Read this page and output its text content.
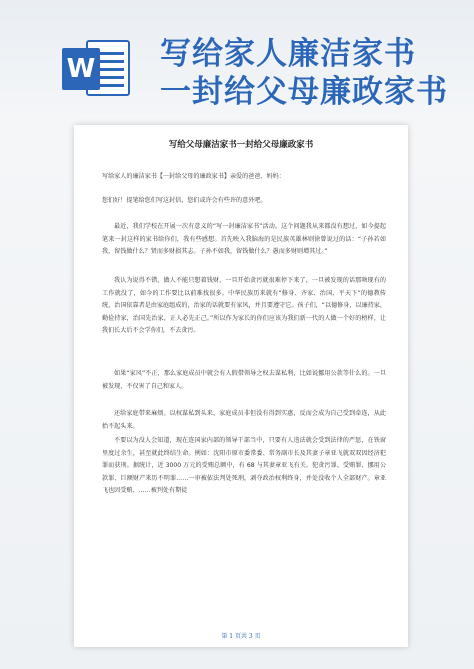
W 写给家人廉洁家书
一封给父母廉政家书
写给父母廉洁家书一封给父母廉政家书

写给家人的廉洁家书【一封给父母的廉政家书】亲爱的爸爸、妈妈：

您们好！提笔给您们写这封信，您们或许会有些许的意外吧。

最近，我们学校在开展一次有意义的“写一封廉洁家书”活动。这个问题我从来都没有想过，如今提起笔来一封这样的家书给你们，我有些感想。首先映入我脑海的是民族英雄林则徐曾说过的话：“子孙若如我，留钱做什么？贤而多财损其志。子孙不如我，留钱做什么？愚而多财则增其过。”

我认为说得不错，做人不能只想着钱财，一旦开始贪污就很难停下来了，一旦被发现的话那啥现有的工作就没了，如今的工作要比以前难找很多。中华民族历来就有“修身、齐家、治国、平天下”的德教传统，治国依靠者是由家庭组成的，治家的话就要有家风，并且要遵守它。孩子们，“以德修身，以廉持家，勤俭持家，治国先治家，正人必先正己。”所以作为家长的你们应该为我们新一代的人做一个好的榜样，让我们长大后不会学你们，不去贪污。

如果“家风”不正，那么家庭成员中就会有人假借领导之权去谋私利，比如说挪用公款等什么的。一旦被发现，不仅害了自己和家人。

还给家庭带来麻烦。以权谋私到头来，家庭成员非但没有得到实惠，反而会成为自己受到牵连，从此抬不起头来。

不要以为没人会知道，现在连国家内部的领导干部当中，只要有人违法就会受到法律的严惩，在铁窗里度过余生，甚至就此终结生命。例如：沈阳市原市委常委、常务副市长及其妻子章亚飞就双双因经济犯罪而获刑。据统计，近 3000 万元的受贿总额中，有 68 与其妻章亚飞有关。犯贪污罪、受贿罪、挪用公款罪、巨额财产来历不明罪……一审被依法判处死刑，剥夺政治权利终身，并处没收个人全部财产。章亚飞也因受贿、……被判处有期徒

第 1 页共 3 页
